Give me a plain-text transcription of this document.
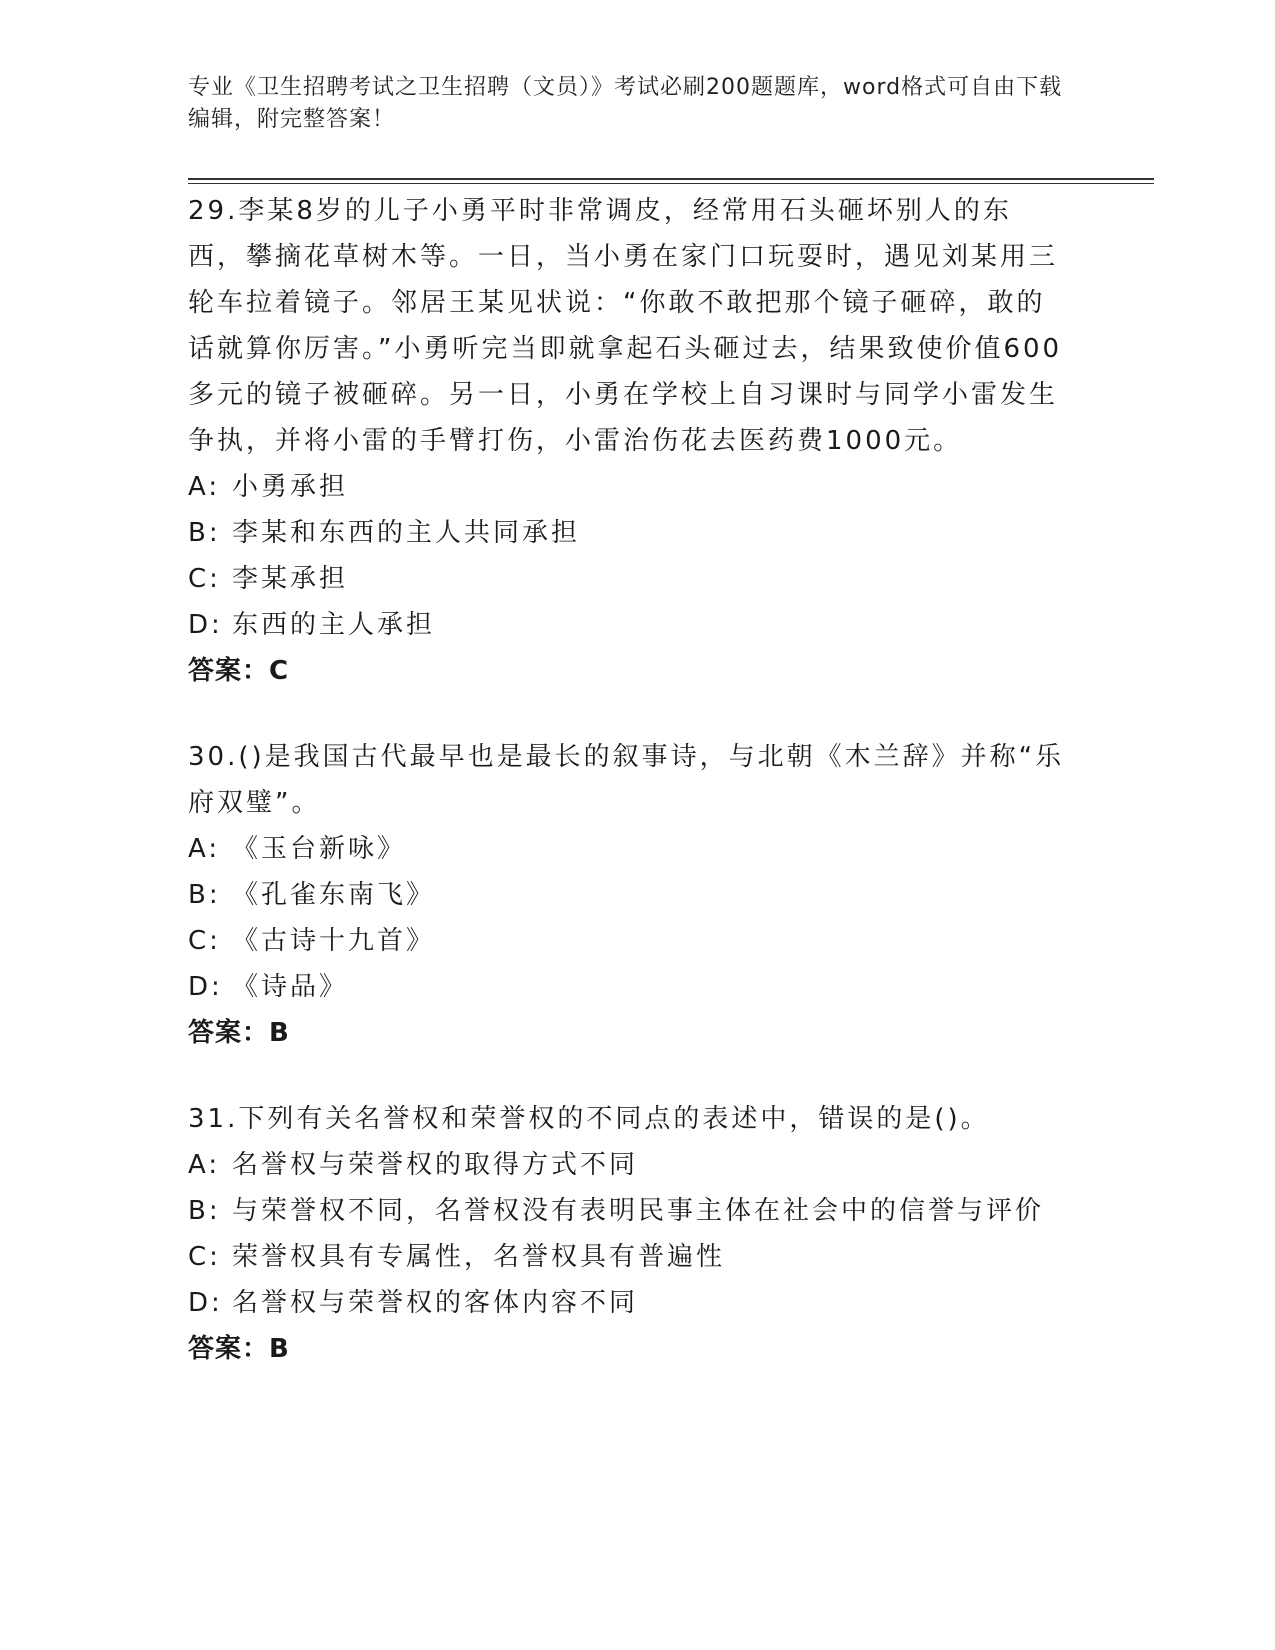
专业《卫生招聘考试之卫生招聘（文员）》考试必刷200题题库，word格式可自由下载编辑，附完整答案！

29.李某8岁的儿子小勇平时非常调皮，经常用石头砸坏别人的东西，攀摘花草树木等。一日，当小勇在家门口玩耍时，遇见刘某用三轮车拉着镜子。邻居王某见状说：“你敢不敢把那个镜子砸碎，敢的话就算你厉害。”小勇听完当即就拿起石头砸过去，结果致使价值600多元的镜子被砸碎。另一日，小勇在学校上自习课时与同学小雷发生争执，并将小雷的手臂打伤，小雷治伤花去医药费1000元。

A: 小勇承担

B: 李某和东西的主人共同承担

C: 李某承担

D: 东西的主人承担

答案：C

30.()是我国古代最早也是最长的叙事诗，与北朝《木兰辞》并称“乐府双璧”。

A: 《玉台新咏》

B: 《孔雀东南飞》

C: 《古诗十九首》

D: 《诗品》

答案：B

31.下列有关名誉权和荣誉权的不同点的表述中，错误的是()。

A: 名誉权与荣誉权的取得方式不同

B: 与荣誉权不同，名誉权没有表明民事主体在社会中的信誉与评价

C: 荣誉权具有专属性，名誉权具有普遍性

D: 名誉权与荣誉权的客体内容不同

答案：B
